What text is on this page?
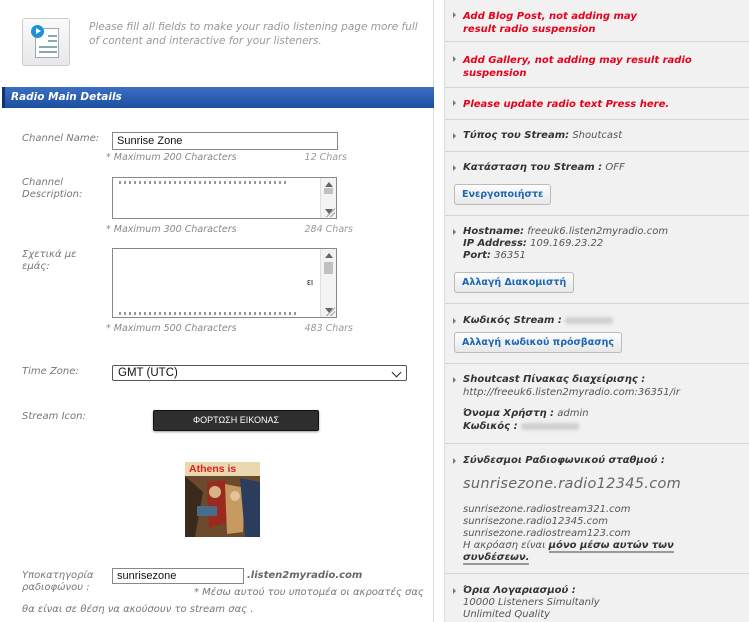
Please fill all fields to make your radio listening page more full of content and interactive for your listeners.
Radio Main Details
Channel Name:
Sunrise Zone
* Maximum 200 Characters	12 Chars
Channel Description:
* Maximum 300 Characters	284 Chars
Σχετικά με εμάς:
ει
* Maximum 500 Characters	483 Chars
Time Zone:	GMT (UTC)
Stream Icon:	ΦΟΡΤΩΣΗ ΕΙΚΟΝΑΣ
Athens is
Υποκατηγορία ραδιοφώνου :
sunrisezone
.listen2myradio.com
* Μέσω αυτού του υποτομέα οι ακροατές σας θα είναι σε θέση να ακούσουν το stream σας .
Add Blog Post, not adding may result radio suspension
Add Gallery, not adding may result radio suspension
Please update radio text Press here.
Τύπος του Stream: Shoutcast
Κατάσταση του Stream : OFF
Ενεργοποιήστε
Hostname: freeuk6.listen2myradio.com
IP Address: 109.169.23.22
Port: 36351
Αλλαγή Διακομιστή
Κωδικός Stream :
Αλλαγή κωδικού πρόσβασης
Shoutcast Πίνακας διαχείρισης :
http://freeuk6.listen2myradio.com:36351/ir
Όνομα Χρήστη : admin
Κωδικός :
Σύνδεσμοι Ραδιοφωνικού σταθμού :
sunrisezone.radio12345.com
sunrisezone.radiostream321.com
sunrisezone.radio12345.com
sunrisezone.radiostream123.com
Η ακρόαση είναι μόνο μέσω αυτών των συνδέσεων.
Όρια Λογαριασμού :
10000 Listeners Simultanly
Unlimited Quality
